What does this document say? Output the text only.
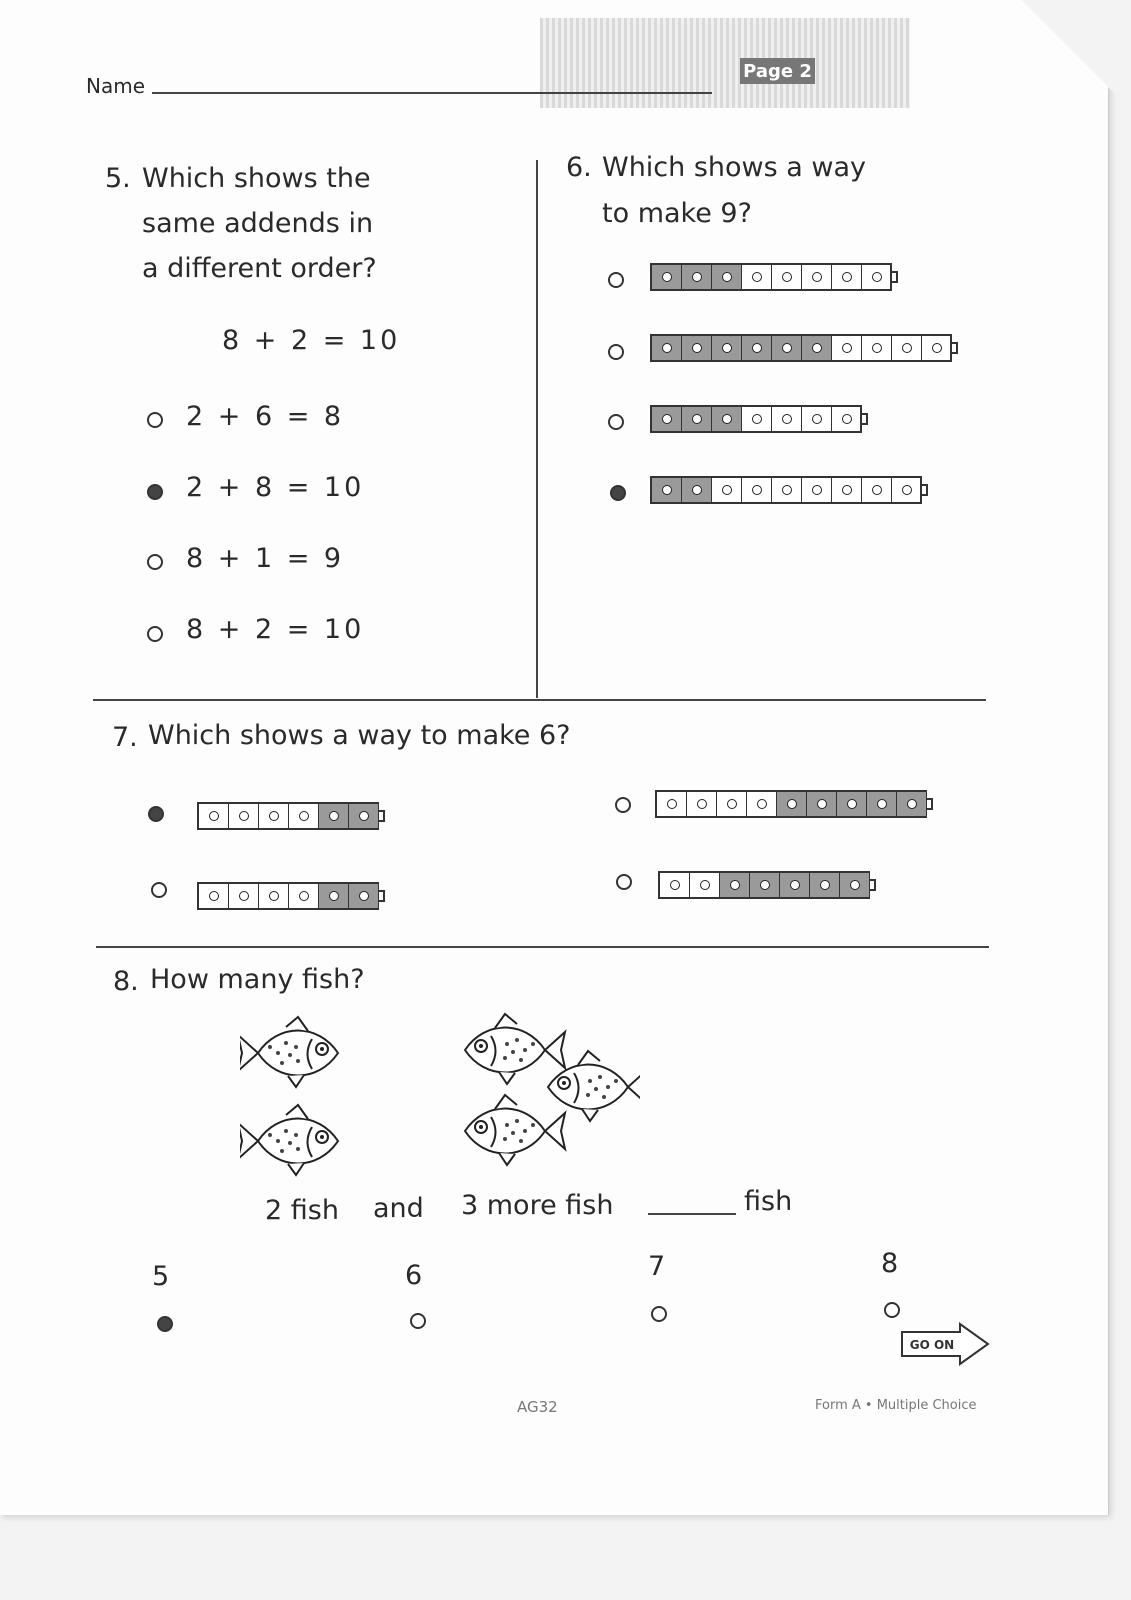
Page 2
Name
5. Which shows the
same addends in
a different order?
8 + 2 = 10
2 + 6 = 8
2 + 8 = 10
8 + 1 = 9
8 + 2 = 10
6. Which shows a way
to make 9?
7. Which shows a way to make 6?
8. How many fish?
2 fish and 3 more fish	fish
5	6	7	8
GO ON
AG32	Form A • Multiple Choice
